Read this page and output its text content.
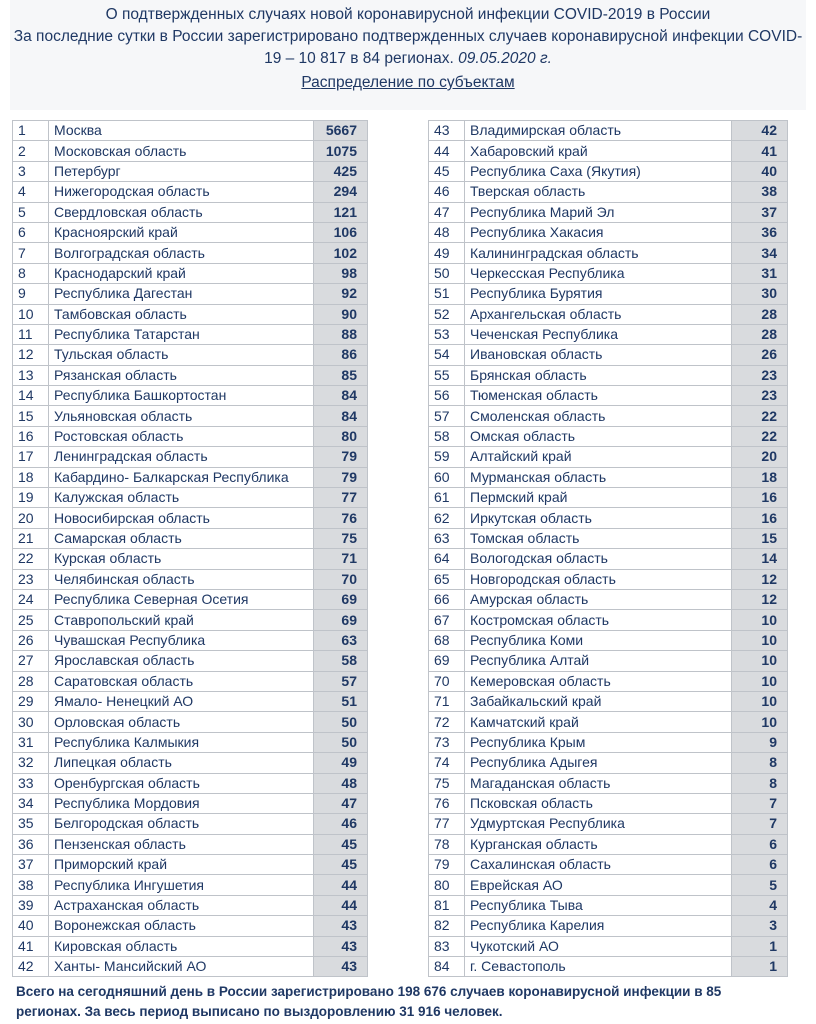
О подтвержденных случаях новой коронавирусной инфекции COVID-2019 в России
За последние сутки в России зарегистрировано подтвержденных случаев коронавирусной инфекции COVID-19 – 10 817 в 84 регионах. 09.05.2020 г.
Распределение по субъектам
1	Москва	5667
2	Московская область	1075
3	Петербург	425
4	Нижегородская область	294
5	Свердловская область	121
6	Красноярский край	106
7	Волгоградская область	102
8	Краснодарский край	98
9	Республика Дагестан	92
10	Тамбовская область	90
11	Республика Татарстан	88
12	Тульская область	86
13	Рязанская область	85
14	Республика Башкортостан	84
15	Ульяновская область	84
16	Ростовская область	80
17	Ленинградская область	79
18	Кабардино- Балкарская Республика	79
19	Калужская область	77
20	Новосибирская область	76
21	Самарская область	75
22	Курская область	71
23	Челябинская область	70
24	Республика Северная Осетия	69
25	Ставропольский край	69
26	Чувашская Республика	63
27	Ярославская область	58
28	Саратовская область	57
29	Ямало- Ненецкий АО	51
30	Орловская область	50
31	Республика Калмыкия	50
32	Липецкая область	49
33	Оренбургская область	48
34	Республика Мордовия	47
35	Белгородская область	46
36	Пензенская область	45
37	Приморский край	45
38	Республика Ингушетия	44
39	Астраханская область	44
40	Воронежская область	43
41	Кировская область	43
42	Ханты- Мансийский АО	43
43	Владимирская область	42
44	Хабаровский край	41
45	Республика Саха (Якутия)	40
46	Тверская область	38
47	Республика Марий Эл	37
48	Республика Хакасия	36
49	Калининградская область	34
50	Черкесская Республика	31
51	Республика Бурятия	30
52	Архангельская область	28
53	Чеченская Республика	28
54	Ивановская область	26
55	Брянская область	23
56	Тюменская область	23
57	Смоленская область	22
58	Омская область	22
59	Алтайский край	20
60	Мурманская область	18
61	Пермский край	16
62	Иркутская область	16
63	Томская область	15
64	Вологодская область	14
65	Новгородская область	12
66	Амурская область	12
67	Костромская область	10
68	Республика Коми	10
69	Республика Алтай	10
70	Кемеровская область	10
71	Забайкальский край	10
72	Камчатский край	10
73	Республика Крым	9
74	Республика Адыгея	8
75	Магаданская область	8
76	Псковская область	7
77	Удмуртская Республика	7
78	Курганская область	6
79	Сахалинская область	6
80	Еврейская АО	5
81	Республика Тыва	4
82	Республика Карелия	3
83	Чукотский АО	1
84	г. Севастополь	1
Всего на сегодняшний день в России зарегистрировано 198 676 случаев коронавирусной инфекции в 85 регионах. За весь период выписано по выздоровлению 31 916 человек.
